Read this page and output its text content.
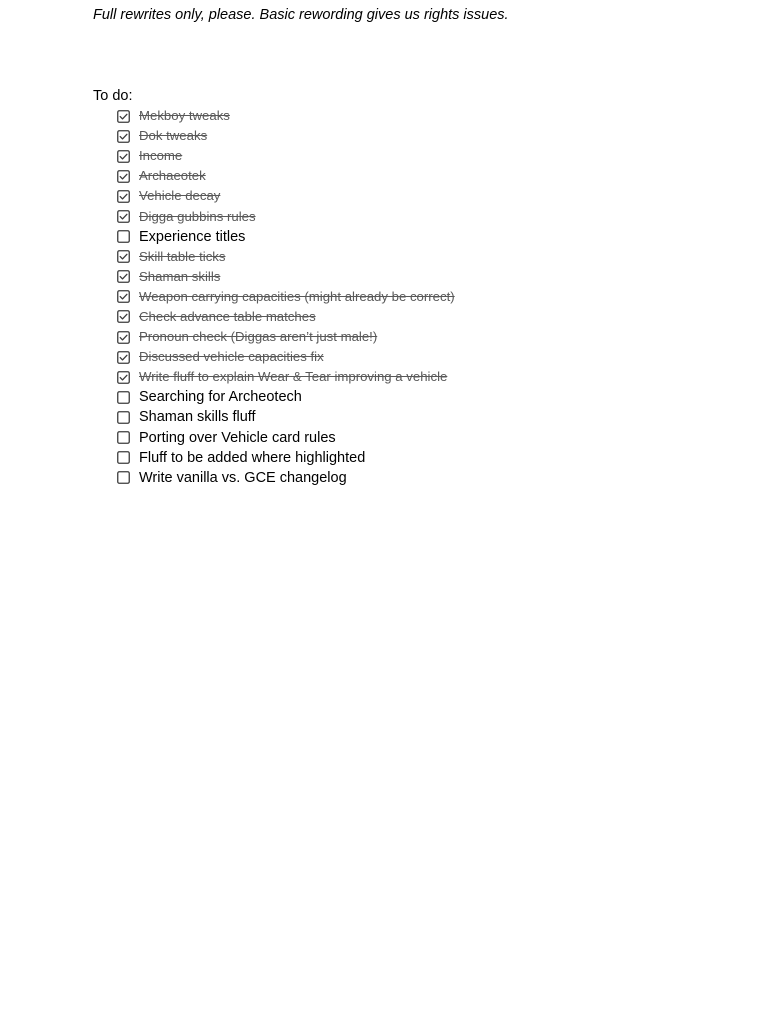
Full rewrites only, please. Basic rewording gives us rights issues.
To do:
Mekboy tweaks
Dok tweaks
Income
Archaeotek
Vehicle decay
Digga gubbins rules
Experience titles
Skill table ticks
Shaman skills
Weapon carrying capacities (might already be correct)
Check advance table matches
Pronoun check (Diggas aren’t just male!)
Discussed vehicle capacities fix
Write fluff to explain Wear & Tear improving a vehicle
Searching for Archeotech
Shaman skills fluff
Porting over Vehicle card rules
Fluff to be added where highlighted
Write vanilla vs. GCE changelog
